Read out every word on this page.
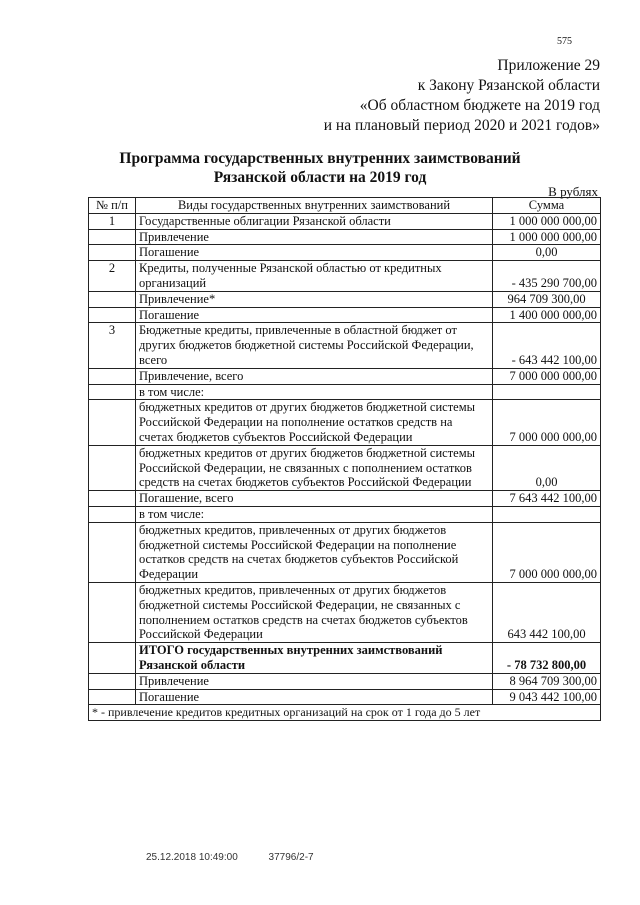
575
Приложение 29
к Закону Рязанской области
«Об областном бюджете на 2019 год
и на плановый период 2020 и 2021 годов»
Программа государственных внутренних заимствований
Рязанской области на 2019 год
В рублях
№ п/п	Виды государственных внутренних заимствований	Сумма
1	Государственные облигации Рязанской области	1 000 000 000,00
	Привлечение	1 000 000 000,00
	Погашение	0,00
2	Кредиты, полученные Рязанской областью от кредитных организаций	- 435 290 700,00
	Привлечение*	964 709 300,00
	Погашение	1 400 000 000,00
3	Бюджетные кредиты, привлеченные в областной бюджет от других бюджетов бюджетной системы Российской Федерации, всего	- 643 442 100,00
	Привлечение, всего	7 000 000 000,00
	в том числе:	
	бюджетных кредитов от других бюджетов бюджетной системы Российской Федерации на пополнение остатков средств на счетах бюджетов субъектов Российской Федерации	7 000 000 000,00
	бюджетных кредитов от других бюджетов бюджетной системы Российской Федерации, не связанных с пополнением остатков средств на счетах бюджетов субъектов Российской Федерации	0,00
	Погашение, всего	7 643 442 100,00
	в том числе:	
	бюджетных кредитов, привлеченных от других бюджетов бюджетной системы Российской Федерации на пополнение остатков средств на счетах бюджетов субъектов Российской Федерации	7 000 000 000,00
	бюджетных кредитов, привлеченных от других бюджетов бюджетной системы Российской Федерации, не связанных с пополнением остатков средств на счетах бюджетов субъектов Российской Федерации	643 442 100,00
	ИТОГО государственных внутренних заимствований Рязанской области	- 78 732 800,00
	Привлечение	8 964 709 300,00
	Погашение	9 043 442 100,00
* - привлечение кредитов кредитных организаций на срок от 1 года до 5 лет		
25.12.2018 10:49:00	37796/2-7
